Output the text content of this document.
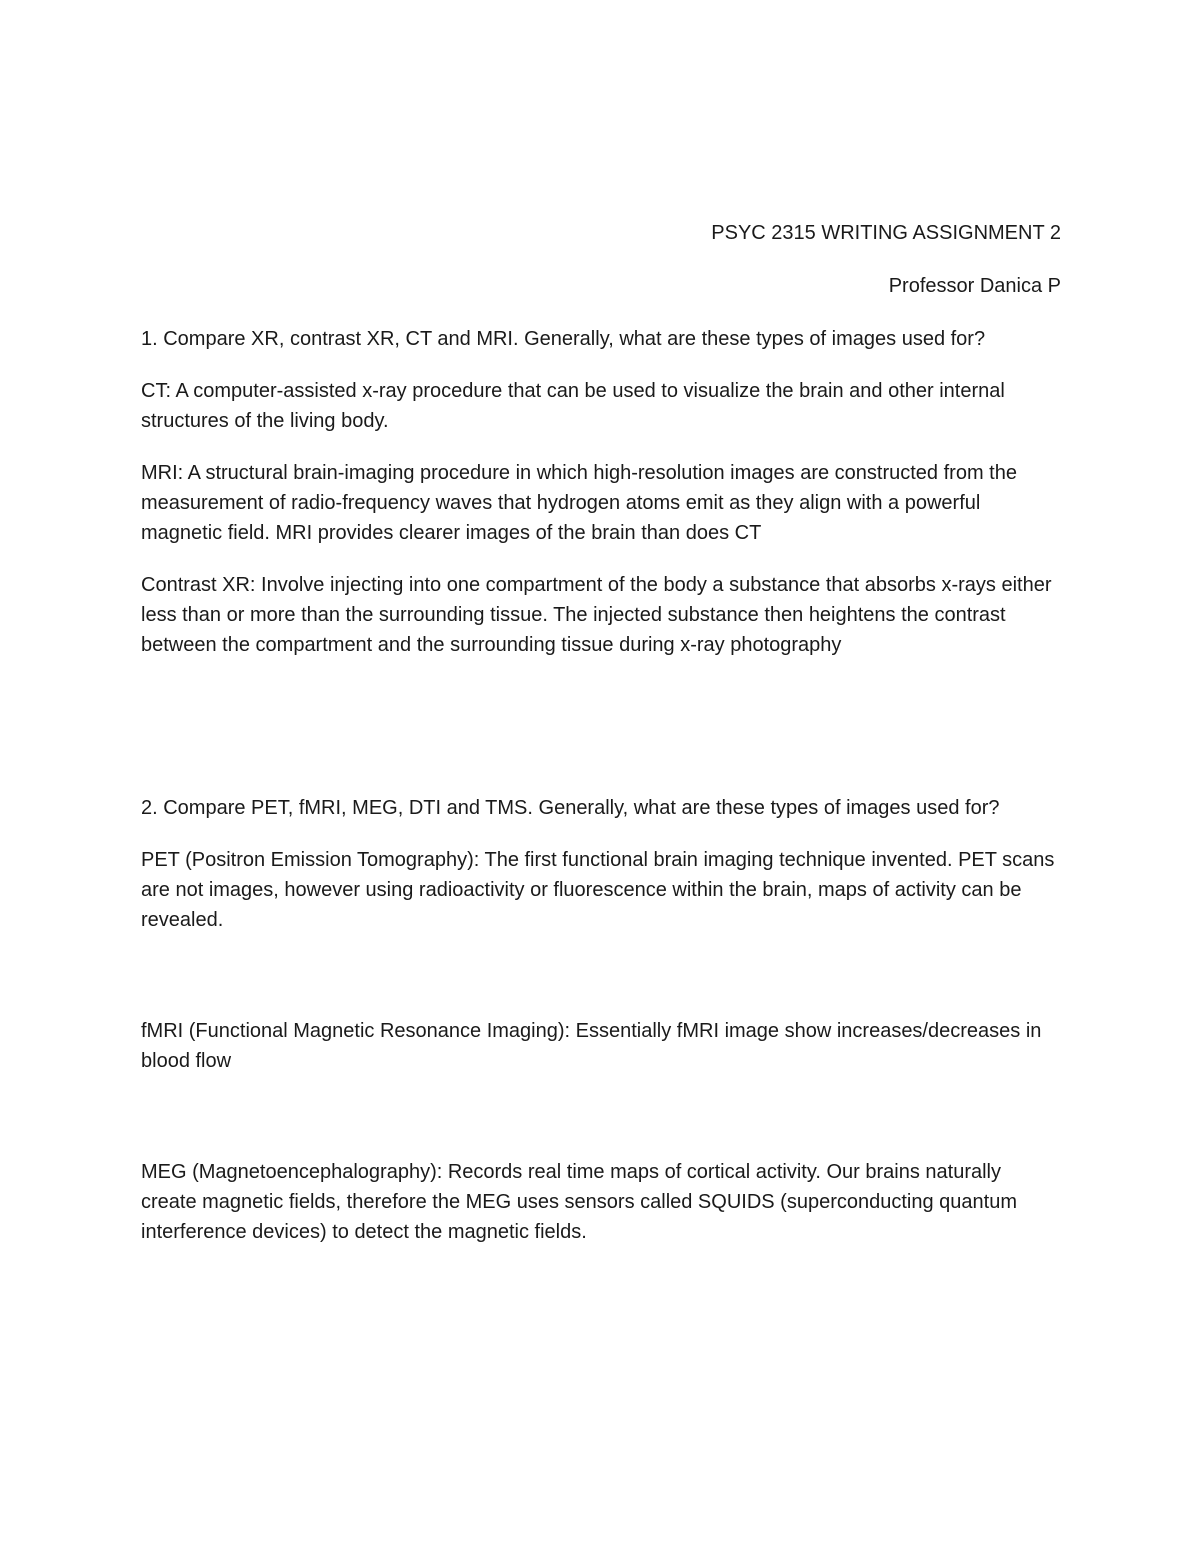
PSYC 2315 WRITING ASSIGNMENT 2

Professor Danica P

1. Compare XR, contrast XR, CT and MRI. Generally, what are these types of images used for?

CT: A computer-assisted x-ray procedure that can be used to visualize the brain and other internal structures of the living body.

MRI: A structural brain-imaging procedure in which high-resolution images are constructed from the measurement of radio-frequency waves that hydrogen atoms emit as they align with a powerful magnetic field. MRI provides clearer images of the brain than does CT

Contrast XR: Involve injecting into one compartment of the body a substance that absorbs x-rays either less than or more than the surrounding tissue. The injected substance then heightens the contrast between the compartment and the surrounding tissue during x-ray photography

2. Compare PET, fMRI, MEG, DTI and TMS. Generally, what are these types of images used for?

PET (Positron Emission Tomography): The first functional brain imaging technique invented. PET scans are not images, however using radioactivity or fluorescence within the brain, maps of activity can be revealed.

fMRI (Functional Magnetic Resonance Imaging): Essentially fMRI image show increases/decreases in blood flow

MEG (Magnetoencephalography): Records real time maps of cortical activity. Our brains naturally create magnetic fields, therefore the MEG uses sensors called SQUIDS (superconducting quantum interference devices) to detect the magnetic fields.
